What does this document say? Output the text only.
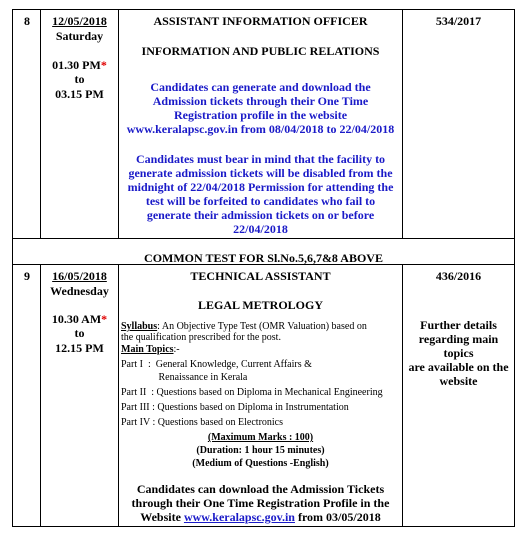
8	12/05/2018
Saturday
01.30 PM*
to
03.15 PM
ASSISTANT INFORMATION OFFICER
INFORMATION AND PUBLIC RELATIONS
Candidates can generate and download the
Admission tickets through their One Time
Registration profile in the website
www.keralapsc.gov.in from 08/04/2018 to 22/04/2018
Candidates must bear in mind that the facility to
generate admission tickets will be disabled from the
midnight of 22/04/2018 Permission for attending the
test will be forfeited to candidates who fail to
generate their admission tickets on or before
22/04/2018
534/2017
COMMON TEST FOR Sl.No.5,6,7&8 ABOVE
9	16/05/2018
Wednesday
10.30 AM*
to
12.15 PM
TECHNICAL ASSISTANT
LEGAL METROLOGY
Syllabus: An Objective Type Test (OMR Valuation) based on
the qualification prescribed for the post.
Main Topics:-
Part I  :  General Knowledge, Current Affairs &
Renaissance in Kerala
Part II  : Questions based on Diploma in Mechanical Engineering
Part III : Questions based on Diploma in Instrumentation
Part IV : Questions based on Electronics
(Maximum Marks : 100)
(Duration: 1 hour 15 minutes)
(Medium of Questions -English)
Candidates can download the Admission Tickets
through their One Time Registration Profile in the
Website www.keralapsc.gov.in from 03/05/2018
436/2016
Further details
regarding main topics
are available on the
website
